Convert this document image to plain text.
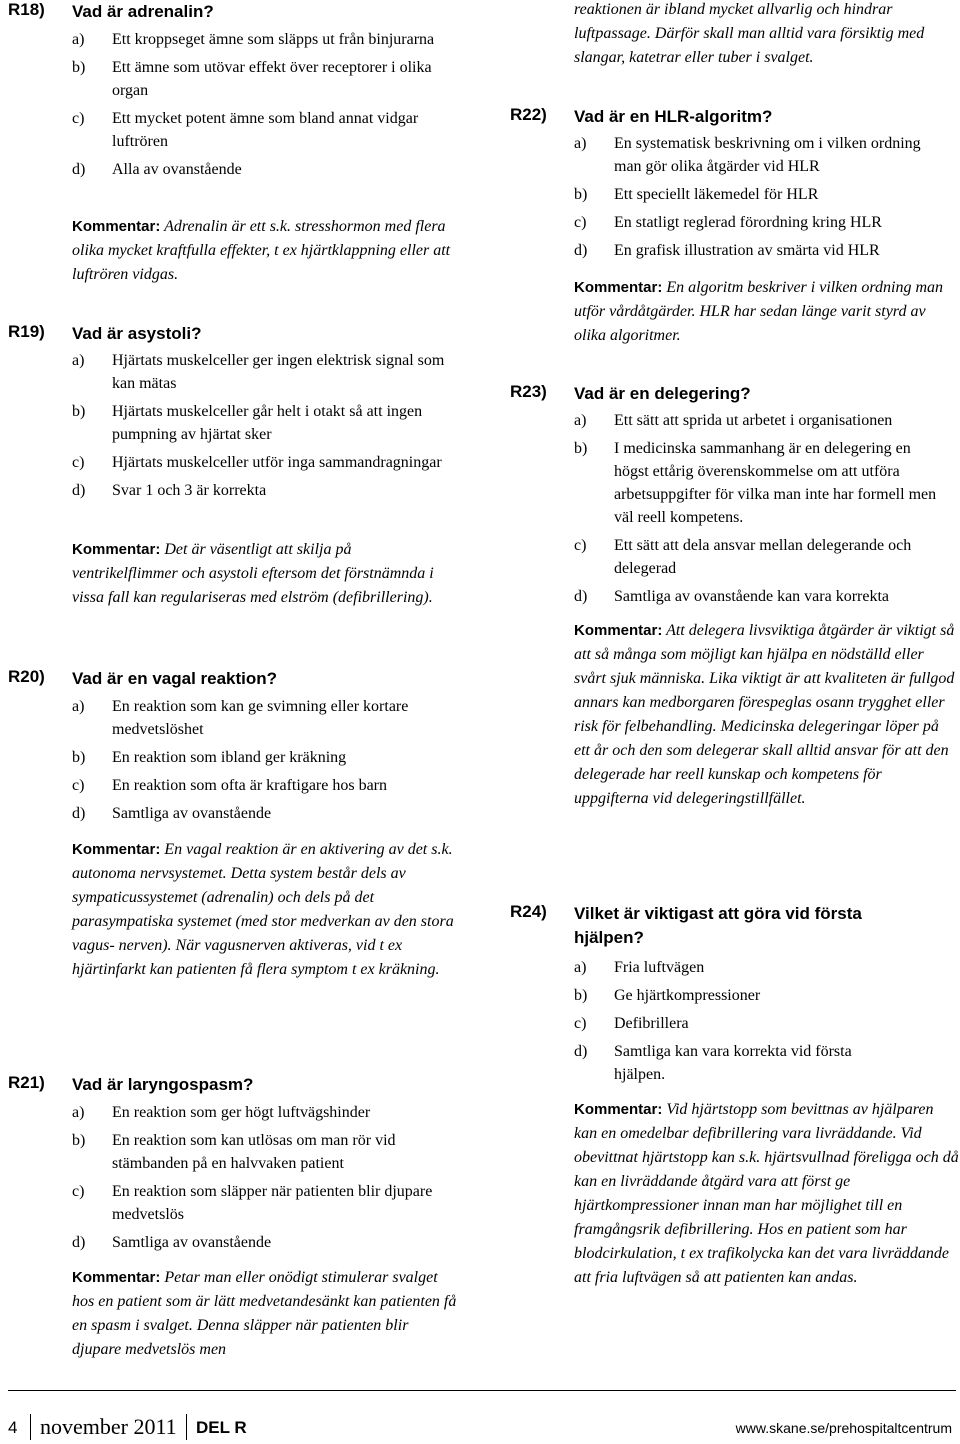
R18) Vad är adrenalin?
a) Ett kroppseget ämne som släpps ut från binjurarna
b) Ett ämne som utövar effekt över receptorer i olika organ
c) Ett mycket potent ämne som bland annat vidgar luftrören
d) Alla av ovanstående
Kommentar: Adrenalin är ett s.k. stresshormon med flera olika mycket kraftfulla effekter, t ex hjärtklappning eller att luftrören vidgas.
R19) Vad är asystoli?
a) Hjärtats muskelceller ger ingen elektrisk signal som kan mätas
b) Hjärtats muskelceller går helt i otakt så att ingen pumpning av hjärtat sker
c) Hjärtats muskelceller utför inga sammandragningar
d) Svar 1 och 3 är korrekta
Kommentar: Det är väsentligt att skilja på ventrikelflimmer och asystoli eftersom det förstnämnda i vissa fall kan regulariseras med elström (defibrillering).
R20) Vad är en vagal reaktion?
a) En reaktion som kan ge svimning eller kortare medvetslöshet
b) En reaktion som ibland ger kräkning
c) En reaktion som ofta är kraftigare hos barn
d) Samtliga av ovanstående
Kommentar: En vagal reaktion är en aktivering av det s.k. autonoma nervsystemet. Detta system består dels av sympaticussystemet (adrenalin) och dels på det parasympatiska systemet (med stor medverkan av den stora vagus- nerven). När vagusnerven aktiveras, vid t ex hjärtinfarkt kan patienten få flera symptom t ex kräkning.
R21) Vad är laryngospasm?
a) En reaktion som ger högt luftvägshinder
b) En reaktion som kan utlösas om man rör vid stämbanden på en halvvaken patient
c) En reaktion som släpper när patienten blir djupare medvetslös
d) Samtliga av ovanstående
Kommentar: Petar man eller onödigt stimulerar svalget hos en patient som är lätt medvetandesänkt kan patienten få en spasm i svalget. Denna släpper när patienten blir djupare medvetslös men
reaktionen är ibland mycket allvarlig och hindrar luftpassage. Därför skall man alltid vara försiktig med slangar, katetrar eller tuber i svalget.
R22) Vad är en HLR-algoritm?
a) En systematisk beskrivning om i vilken ordning man gör olika åtgärder vid HLR
b) Ett speciellt läkemedel för HLR
c) En statligt reglerad förordning kring HLR
d) En grafisk illustration av smärta vid HLR
Kommentar: En algoritm beskriver i vilken ordning man utför vårdåtgärder. HLR har sedan länge varit styrd av olika algoritmer.
R23) Vad är en delegering?
a) Ett sätt att sprida ut arbetet i organisationen
b) I medicinska sammanhang är en delegering en högst ettårig överenskommelse om att utföra arbetsuppgifter för vilka man inte har formell men väl reell kompetens.
c) Ett sätt att dela ansvar mellan delegerande och delegerad
d) Samtliga av ovanstående kan vara korrekta
Kommentar: Att delegera livsviktiga åtgärder är viktigt så att så många som möjligt kan hjälpa en nödställd eller svårt sjuk människa. Lika viktigt är att kvaliteten är fullgod annars kan medborgaren förespeglas osann trygghet eller risk för felbehandling. Medicinska delegeringar löper på ett år och den som delegerar skall alltid ansvar för att den delegerade har reell kunskap och kompetens för uppgifterna vid delegeringstillfället.
R24) Vilket är viktigast att göra vid första hjälpen?
a) Fria luftvägen
b) Ge hjärtkompressioner
c) Defibrillera
d) Samtliga kan vara korrekta vid första hjälpen.
Kommentar: Vid hjärtstopp som bevittnas av hjälparen kan en omedelbar defibrillering vara livräddande. Vid obevittnat hjärtstopp kan s.k. hjärtsvullnad föreligga och då kan en livräddande åtgärd vara att först ge hjärtkompressioner innan man har möjlighet till en framgångsrik defibrillering. Hos en patient som har blodcirkulation, t ex trafikolycka kan det vara livräddande att fria luftvägen så att patienten kan andas.
4 november 2011 DEL R	www.skane.se/prehospitaltcentrum
